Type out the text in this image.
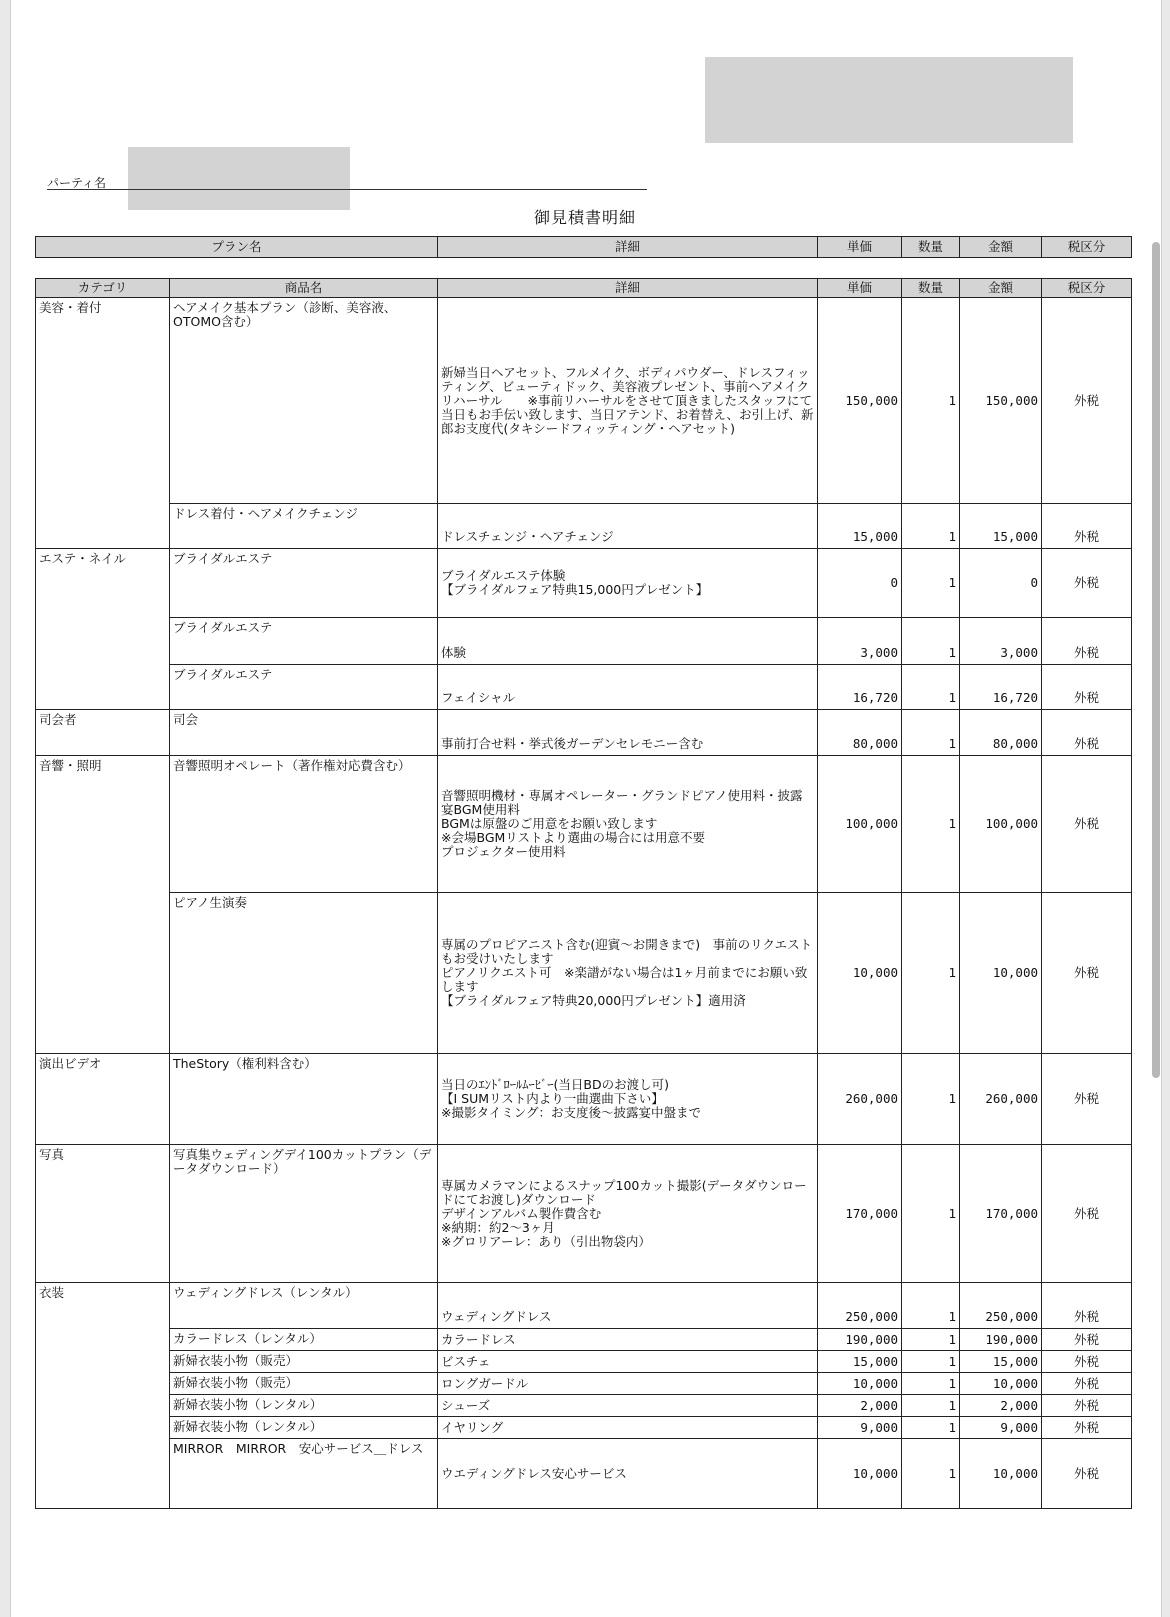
パーティ名
御見積書明細
プラン名	詳細	単価	数量	金額	税区分
カテゴリ	商品名	詳細	単価	数量	金額	税区分
美容・着付	ヘアメイク基本プラン（診断、美容液、OTOMO含む）	新婦当日ヘアセット、フルメイク、ボディパウダー、ドレスフィッティング、ビューティドック、美容液プレゼント、事前ヘアメイクリハーサル　　※事前リハーサルをさせて頂きましたスタッフにて当日もお手伝い致します、当日アテンド、お着替え、お引上げ、新郎お支度代(タキシードフィッティング・ヘアセット)	150,000	1	150,000	外税
	ドレス着付・ヘアメイクチェンジ	ドレスチェンジ・ヘアチェンジ	15,000	1	15,000	外税
エステ・ネイル	ブライダルエステ	ブライダルエステ体験
【ブライダルフェア特典15,000円プレゼント】	0	1	0	外税
	ブライダルエステ	体験	3,000	1	3,000	外税
	ブライダルエステ	フェイシャル	16,720	1	16,720	外税
司会者	司会	事前打合せ料・挙式後ガーデンセレモニー含む	80,000	1	80,000	外税
音響・照明	音響照明オペレート（著作権対応費含む）	音響照明機材・専属オペレーター・グランドピアノ使用料・披露宴BGM使用料
BGMは原盤のご用意をお願い致します
※会場BGMリストより選曲の場合には用意不要
プロジェクター使用料	100,000	1	100,000	外税
	ピアノ生演奏	専属のプロピアニスト含む(迎賓～お開きまで)　事前のリクエストもお受けいたします
ピアノリクエスト可　※楽譜がない場合は1ヶ月前までにお願い致します
【ブライダルフェア特典20,000円プレゼント】適用済	10,000	1	10,000	外税
演出ビデオ	TheStory（権利料含む）	当日のｴﾝﾄﾞﾛｰﾙﾑｰﾋﾞｰ(当日BDのお渡し可)
【I SUMリスト内より一曲選曲下さい】
※撮影タイミング：お支度後～披露宴中盤まで	260,000	1	260,000	外税
写真	写真集ウェディングデイ100カットプラン（データダウンロード）	専属カメラマンによるスナップ100カット撮影(データダウンロードにてお渡し)ダウンロード
デザインアルバム製作費含む
※納期：約2～3ヶ月
※グロリアーレ：あり（引出物袋内）	170,000	1	170,000	外税
衣装	ウェディングドレス（レンタル）	ウェディングドレス	250,000	1	250,000	外税
	カラードレス（レンタル）	カラードレス	190,000	1	190,000	外税
	新婦衣装小物（販売）	ビスチェ	15,000	1	15,000	外税
	新婦衣装小物（販売）	ロングガードル	10,000	1	10,000	外税
	新婦衣装小物（レンタル）	シューズ	2,000	1	2,000	外税
	新婦衣装小物（レンタル）	イヤリング	9,000	1	9,000	外税
	MIRROR　MIRROR　安心サービス＿ドレス	ウエディングドレス安心サービス	10,000	1	10,000	外税
